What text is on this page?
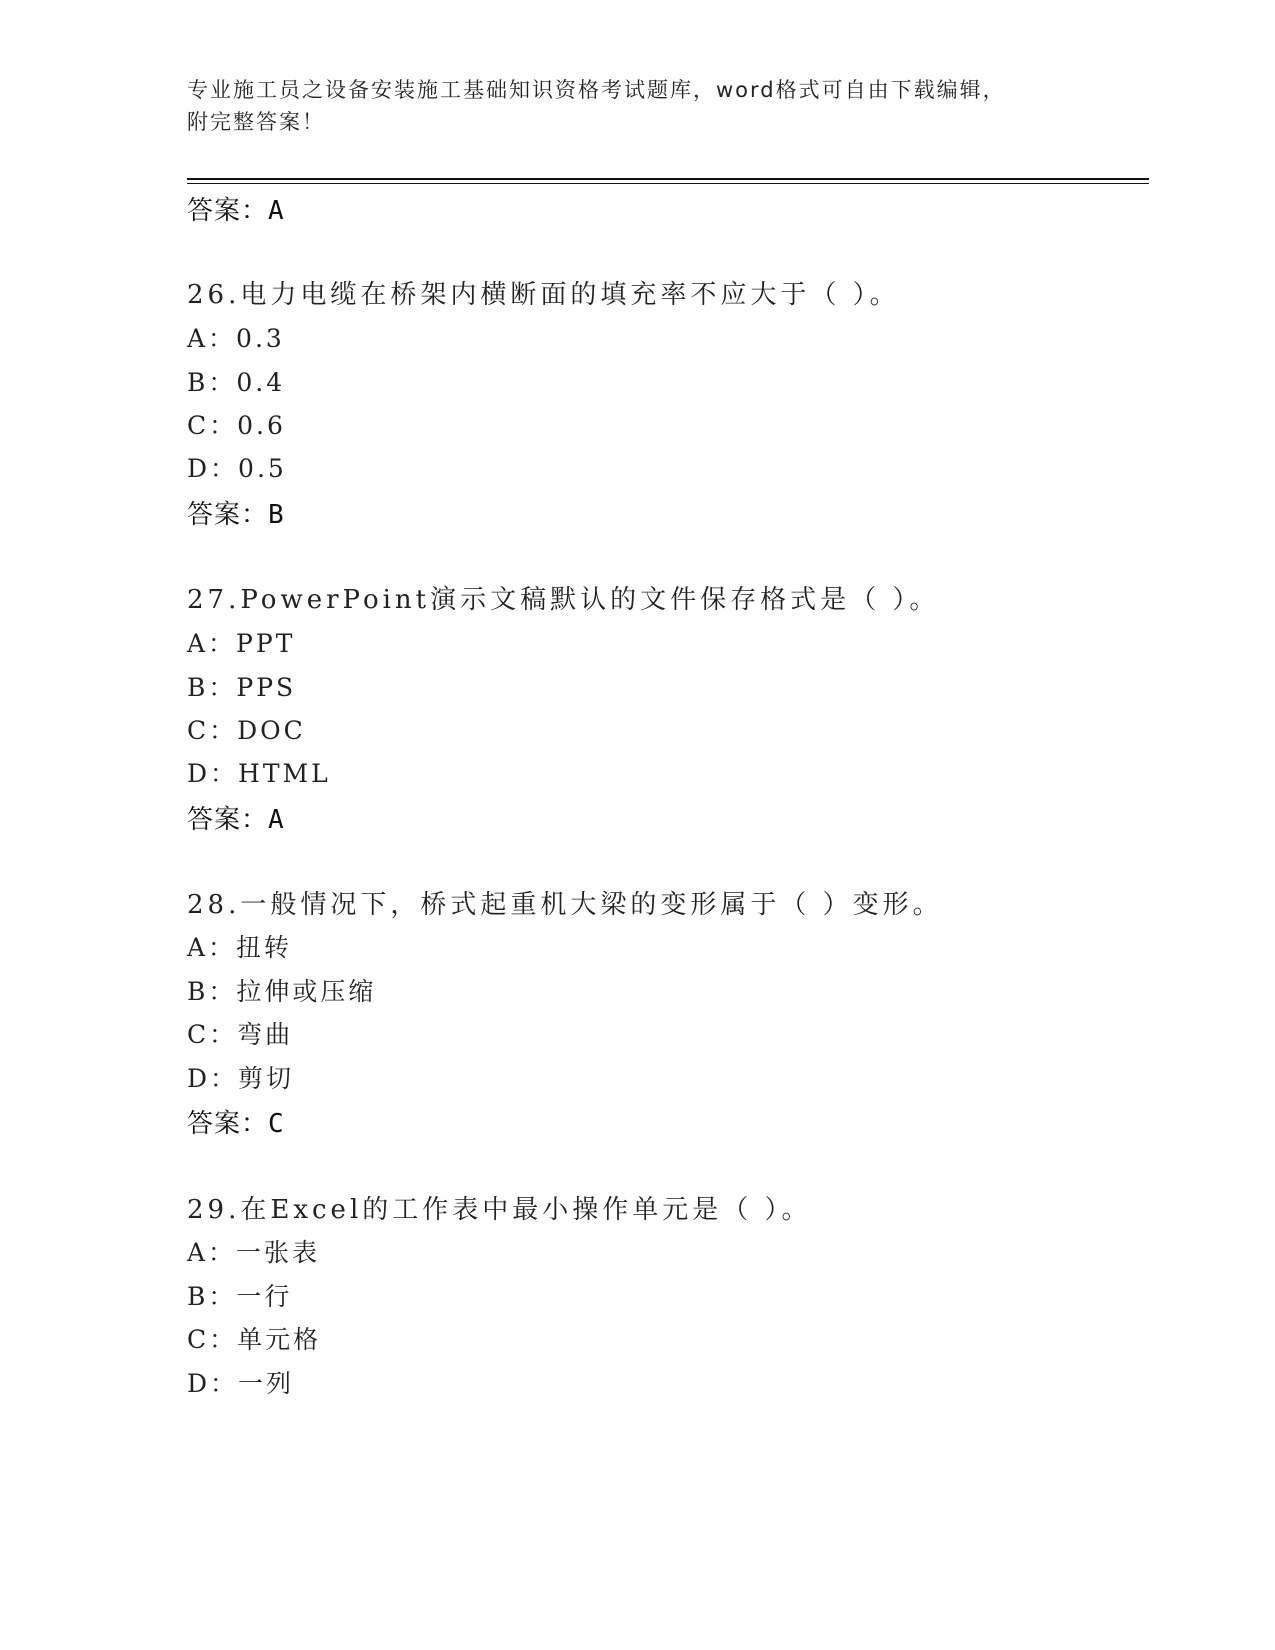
专业施工员之设备安装施工基础知识资格考试题库，word格式可自由下载编辑，
附完整答案！
答案：A
26.电力电缆在桥架内横断面的填充率不应大于（ ）。
A：0.3
B：0.4
C：0.6
D：0.5
答案：B
27.PowerPoint演示文稿默认的文件保存格式是（ ）。
A：PPT
B：PPS
C：DOC
D：HTML
答案：A
28.一般情况下，桥式起重机大梁的变形属于（ ）变形。
A：扭转
B：拉伸或压缩
C：弯曲
D：剪切
答案：C
29.在Excel的工作表中最小操作单元是（ ）。
A：一张表
B：一行
C：单元格
D：一列
